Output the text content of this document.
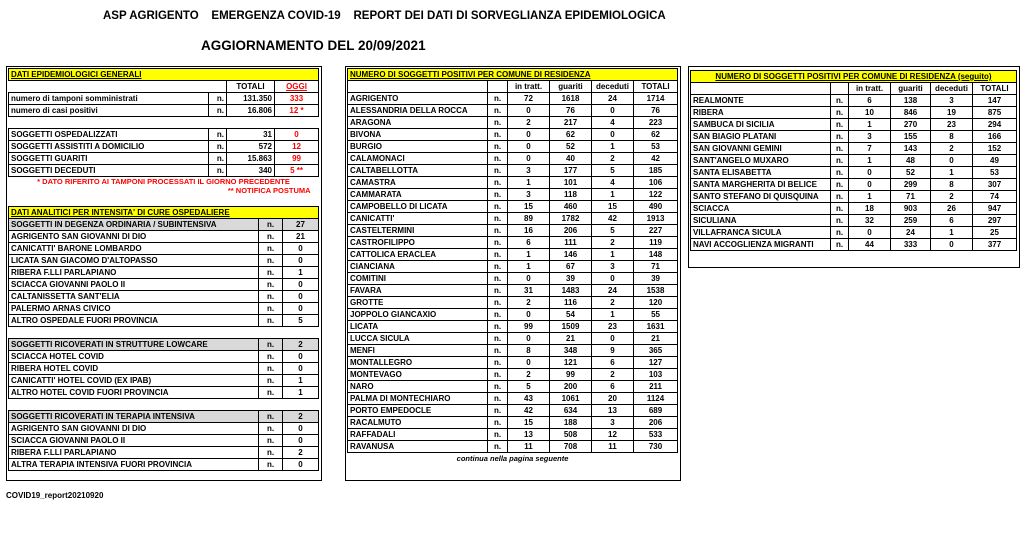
ASP AGRIGENTO    EMERGENZA COVID-19    REPORT DEI DATI DI SORVEGLIANZA EPIDEMIOLOGICA
AGGIORNAMENTO DEL 20/09/2021
DATI EPIDEMIOLOGICI GENERALI			
		TOTALI	OGGI
numero di tamponi somministrati	n.	131.350	333
numero di casi positivi	n.	16.806	12 *

SOGGETTI OSPEDALIZZATI	n.	31	0
SOGGETTI ASSISTITI A DOMICILIO	n.	572	12
SOGGETTI GUARITI	n.	15.863	99
SOGGETTI DECEDUTI	n.	340	5 **
* DATO RIFERITO AI TAMPONI PROCESSATI IL GIORNO PRECEDENTE			
** NOTIFICA POSTUMA			
DATI ANALITICI PER INTENSITA' DI CURE OSPEDALIERE		
SOGGETTI IN DEGENZA ORDINARIA / SUBINTENSIVA	n.	27
AGRIGENTO SAN GIOVANNI DI DIO	n.	21
CANICATTI' BARONE LOMBARDO	n.	0
LICATA SAN GIACOMO D'ALTOPASSO	n.	0
RIBERA F.LLI PARLAPIANO	n.	1
SCIACCA GIOVANNI PAOLO II	n.	0
CALTANISSETTA SANT'ELIA	n.	0
PALERMO ARNAS CIVICO	n.	0
ALTRO OSPEDALE FUORI PROVINCIA	n.	5

SOGGETTI RICOVERATI IN STRUTTURE LOWCARE	n.	2
SCIACCA HOTEL COVID	n.	0
RIBERA HOTEL COVID	n.	0
CANICATTI' HOTEL COVID (EX IPAB)	n.	1
ALTRO HOTEL COVID FUORI PROVINCIA	n.	1

SOGGETTI RICOVERATI IN TERAPIA INTENSIVA	n.	2
AGRIGENTO SAN GIOVANNI DI DIO	n.	0
SCIACCA GIOVANNI PAOLO II	n.	0
RIBERA F.LLI PARLAPIANO	n.	2
ALTRA TERAPIA INTENSIVA FUORI PROVINCIA	n.	0
NUMERO DI SOGGETTI POSITIVI PER COMUNE DI RESIDENZA					
		in tratt.	guariti	deceduti	TOTALI
AGRIGENTO	n.	72	1618	24	1714
ALESSANDRIA DELLA ROCCA	n.	0	76	0	76
ARAGONA	n.	2	217	4	223
BIVONA	n.	0	62	0	62
BURGIO	n.	0	52	1	53
CALAMONACI	n.	0	40	2	42
CALTABELLOTTA	n.	3	177	5	185
CAMASTRA	n.	1	101	4	106
CAMMARATA	n.	3	118	1	122
CAMPOBELLO DI LICATA	n.	15	460	15	490
CANICATTI'	n.	89	1782	42	1913
CASTELTERMINI	n.	16	206	5	227
CASTROFILIPPO	n.	6	111	2	119
CATTOLICA ERACLEA	n.	1	146	1	148
CIANCIANA	n.	1	67	3	71
COMITINI	n.	0	39	0	39
FAVARA	n.	31	1483	24	1538
GROTTE	n.	2	116	2	120
JOPPOLO GIANCAXIO	n.	0	54	1	55
LICATA	n.	99	1509	23	1631
LUCCA SICULA	n.	0	21	0	21
MENFI	n.	8	348	9	365
MONTALLEGRO	n.	0	121	6	127
MONTEVAGO	n.	2	99	2	103
NARO	n.	5	200	6	211
PALMA DI MONTECHIARO	n.	43	1061	20	1124
PORTO EMPEDOCLE	n.	42	634	13	689
RACALMUTO	n.	15	188	3	206
RAFFADALI	n.	13	508	12	533
RAVANUSA	n.	11	708	11	730
continua nella pagina seguente					
NUMERO DI SOGGETTI POSITIVI PER COMUNE DI RESIDENZA (seguito)					
		in tratt.	guariti	deceduti	TOTALI
REALMONTE	n.	6	138	3	147
RIBERA	n.	10	846	19	875
SAMBUCA DI SICILIA	n.	1	270	23	294
SAN BIAGIO PLATANI	n.	3	155	8	166
SAN GIOVANNI GEMINI	n.	7	143	2	152
SANT'ANGELO MUXARO	n.	1	48	0	49
SANTA ELISABETTA	n.	0	52	1	53
SANTA MARGHERITA DI BELICE	n.	0	299	8	307
SANTO STEFANO DI QUISQUINA	n.	1	71	2	74
SCIACCA	n.	18	903	26	947
SICULIANA	n.	32	259	6	297
VILLAFRANCA SICULA	n.	0	24	1	25
NAVI ACCOGLIENZA MIGRANTI	n.	44	333	0	377
COVID19_report20210920
